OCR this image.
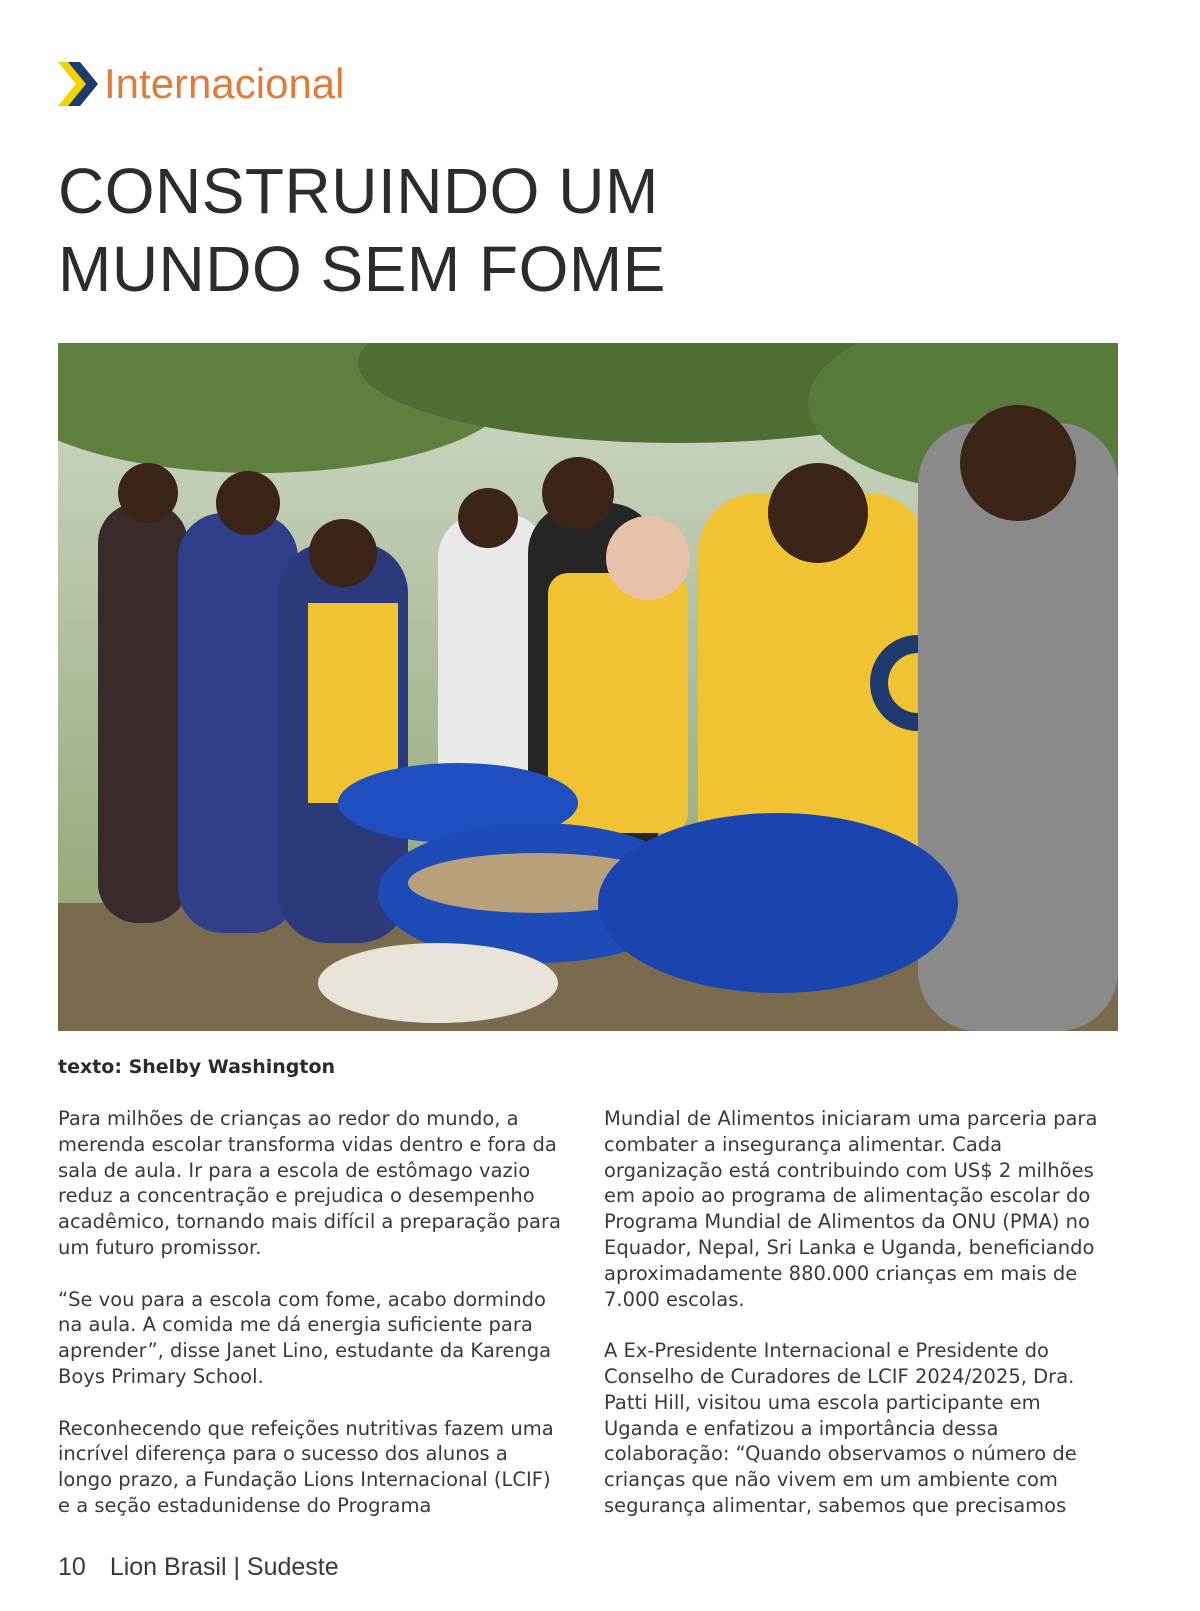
Internacional
CONSTRUINDO UM
MUNDO SEM FOME
texto: Shelby Washington

Para milhões de crianças ao redor do mundo, a merenda escolar transforma vidas dentro e fora da sala de aula. Ir para a escola de estômago vazio reduz a concentração e prejudica o desempenho acadêmico, tornando mais difícil a preparação para um futuro promissor.

“Se vou para a escola com fome, acabo dormindo na aula. A comida me dá energia suficiente para aprender”, disse Janet Lino, estudante da Karenga Boys Primary School.

Reconhecendo que refeições nutritivas fazem uma incrível diferença para o sucesso dos alunos a longo prazo, a Fundação Lions Internacional (LCIF) e a seção estadunidense do Programa

Mundial de Alimentos iniciaram uma parceria para combater a insegurança alimentar. Cada organização está contribuindo com US$ 2 milhões em apoio ao programa de alimentação escolar do Programa Mundial de Alimentos da ONU (PMA) no Equador, Nepal, Sri Lanka e Uganda, beneficiando aproximadamente 880.000 crianças em mais de 7.000 escolas.

A Ex-Presidente Internacional e Presidente do Conselho de Curadores de LCIF 2024/2025, Dra. Patti Hill, visitou uma escola participante em Uganda e enfatizou a importância dessa colaboração: “Quando observamos o número de crianças que não vivem em um ambiente com segurança alimentar, sabemos que precisamos

10 Lion Brasil | Sudeste
